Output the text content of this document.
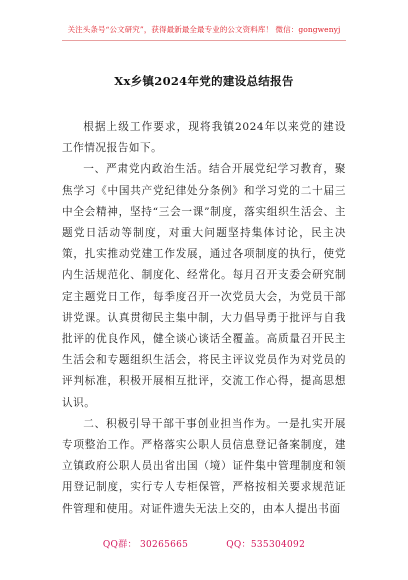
关注头条号“公文研究”，获得最新最全最专业的公文资料库！ 微信：gongwenyj
Xx乡镇2024年党的建设总结报告

根据上级工作要求，现将我镇2024年以来党的建设工作情况报告如下。

一、严肃党内政治生活。结合开展党纪学习教育，聚焦学习《中国共产党纪律处分条例》和学习党的二十届三中全会精神，坚持“三会一课”制度，落实组织生活会、主题党日活动等制度，对重大问题坚持集体讨论，民主决策，扎实推动党建工作发展，通过各项制度的执行，使党内生活规范化、制度化、经常化。每月召开支委会研究制定主题党日工作，每季度召开一次党员大会，为党员干部讲党课。认真贯彻民主集中制，大力倡导勇于批评与自我批评的优良作风，健全谈心谈话全覆盖。高质量召开民主生活会和专题组织生活会，将民主评议党员作为对党员的评判标准，积极开展相互批评，交流工作心得，提高思想认识。

二、积极引导干部干事创业担当作为。一是扎实开展专项整治工作。严格落实公职人员信息登记备案制度，建立镇政府公职人员出省出国（境）证件集中管理制度和领用登记制度，实行专人专柜保管，严格按相关要求规范证件管理和使用。对证件遗失无法上交的，由本人提出书面

QQ群： 30265665	QQ：535304092
